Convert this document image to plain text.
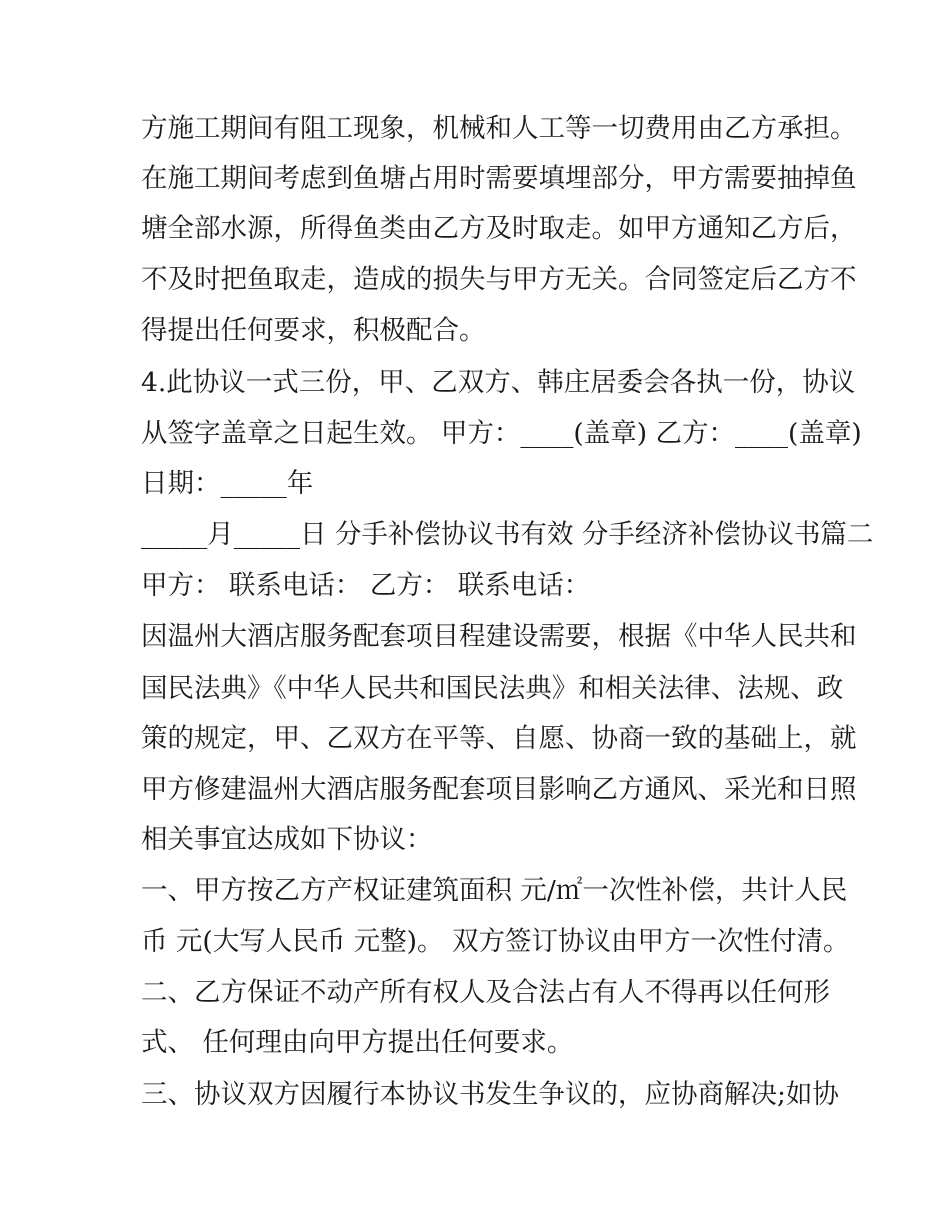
方施工期间有阻工现象，机械和人工等一切费用由乙方承担。
在施工期间考虑到鱼塘占用时需要填埋部分，甲方需要抽掉鱼
塘全部水源，所得鱼类由乙方及时取走。如甲方通知乙方后，
不及时把鱼取走，造成的损失与甲方无关。合同签定后乙方不
得提出任何要求，积极配合。
4.此协议一式三份，甲、乙双方、韩庄居委会各执一份，协议
从签字盖章之日起生效。 甲方：____(盖章) 乙方：____(盖章)
日期：_____年
_____月_____日 分手补偿协议书有效 分手经济补偿协议书篇二
甲方： 联系电话： 乙方： 联系电话：
因温州大酒店服务配套项目程建设需要，根据《中华人民共和
国民法典》《中华人民共和国民法典》和相关法律、法规、政
策的规定，甲、乙双方在平等、自愿、协商一致的基础上，就
甲方修建温州大酒店服务配套项目影响乙方通风、采光和日照
相关事宜达成如下协议：
一、甲方按乙方产权证建筑面积 元/㎡一次性补偿，共计人民
币 元(大写人民币 元整)。 双方签订协议由甲方一次性付清。
二、乙方保证不动产所有权人及合法占有人不得再以任何形
式、 任何理由向甲方提出任何要求。
三、协议双方因履行本协议书发生争议的，应协商解决;如协
